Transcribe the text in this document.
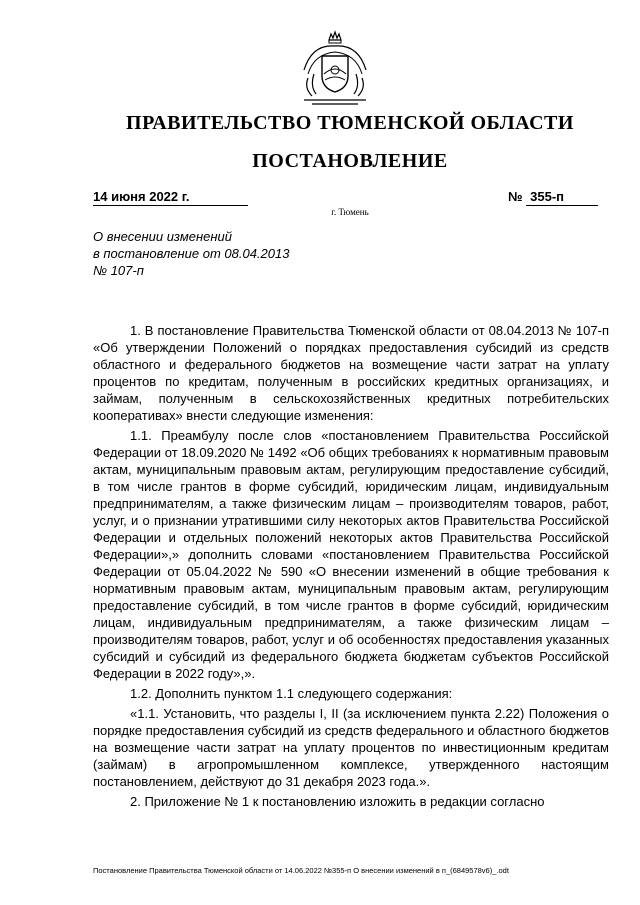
ПРАВИТЕЛЬСТВО ТЮМЕНСКОЙ ОБЛАСТИ
ПОСТАНОВЛЕНИЕ
14 июня 2022 г.	№ 355-п
г. Тюмень
О внесении изменений
в постановление от 08.04.2013
№ 107-п

1. В постановление Правительства Тюменской области от 08.04.2013 № 107-п «Об утверждении Положений о порядках предоставления субсидий из средств областного и федерального бюджетов на возмещение части затрат на уплату процентов по кредитам, полученным в российских кредитных организациях, и займам, полученным в сельскохозяйственных кредитных потребительских кооперативах» внести следующие изменения:

1.1. Преамбулу после слов «постановлением Правительства Российской Федерации от 18.09.2020 № 1492 «Об общих требованиях к нормативным правовым актам, муниципальным правовым актам, регулирующим предоставление субсидий, в том числе грантов в форме субсидий, юридическим лицам, индивидуальным предпринимателям, а также физическим лицам – производителям товаров, работ, услуг, и о признании утратившими силу некоторых актов Правительства Российской Федерации и отдельных положений некоторых актов Правительства Российской Федерации»,» дополнить словами «постановлением Правительства Российской Федерации от 05.04.2022 № 590 «О внесении изменений в общие требования к нормативным правовым актам, муниципальным правовым актам, регулирующим предоставление субсидий, в том числе грантов в форме субсидий, юридическим лицам, индивидуальным предпринимателям, а также физическим лицам – производителям товаров, работ, услуг и об особенностях предоставления указанных субсидий и субсидий из федерального бюджета бюджетам субъектов Российской Федерации в 2022 году»,».

1.2. Дополнить пунктом 1.1 следующего содержания:

«1.1. Установить, что разделы I, II (за исключением пункта 2.22) Положения о порядке предоставления субсидий из средств федерального и областного бюджетов на возмещение части затрат на уплату процентов по инвестиционным кредитам (займам) в агропромышленном комплексе, утвержденного настоящим постановлением, действуют до 31 декабря 2023 года.».

2. Приложение № 1 к постановлению изложить в редакции согласно

Постановление Правительства Тюменской области от 14.06.2022 №355-п О внесении изменений в п_(6849578v6)_.odt
